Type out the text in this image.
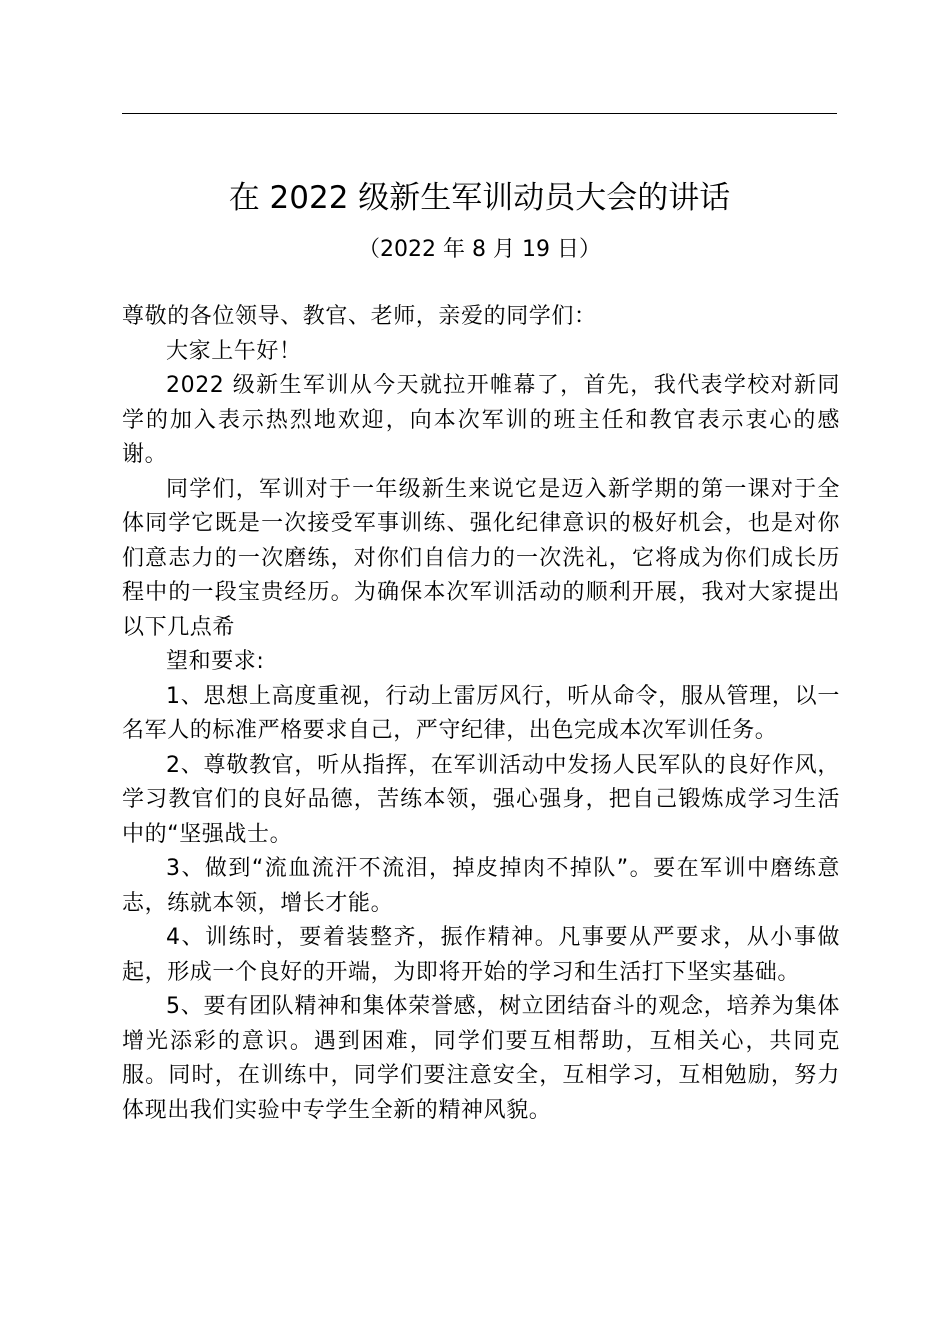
在 2022 级新生军训动员大会的讲话
（2022 年 8 月 19 日）

尊敬的各位领导、教官、老师，亲爱的同学们：

大家上午好！

2022 级新生军训从今天就拉开帷幕了，首先，我代表学校对新同学的加入表示热烈地欢迎，向本次军训的班主任和教官表示衷心的感谢。

同学们，军训对于一年级新生来说它是迈入新学期的第一课对于全体同学它既是一次接受军事训练、强化纪律意识的极好机会，也是对你们意志力的一次磨练，对你们自信力的一次洗礼，它将成为你们成长历程中的一段宝贵经历。为确保本次军训活动的顺利开展，我对大家提出以下几点希

望和要求:

1、思想上高度重视，行动上雷厉风行，听从命令，服从管理，以一名军人的标准严格要求自己，严守纪律，出色完成本次军训任务。

2、尊敬教官，听从指挥，在军训活动中发扬人民军队的良好作风，学习教官们的良好品德，苦练本领，强心强身，把自己锻炼成学习生活中的“坚强战士。

3、做到“流血流汗不流泪，掉皮掉肉不掉队”。要在军训中磨练意志，练就本领，增长才能。

4、训练时，要着装整齐，振作精神。凡事要从严要求，从小事做起，形成一个良好的开端，为即将开始的学习和生活打下坚实基础。

5、要有团队精神和集体荣誉感，树立团结奋斗的观念，培养为集体增光添彩的意识。遇到困难，同学们要互相帮助，互相关心，共同克服。同时，在训练中，同学们要注意安全，互相学习，互相勉励，努力体现出我们实验中专学生全新的精神风貌。
